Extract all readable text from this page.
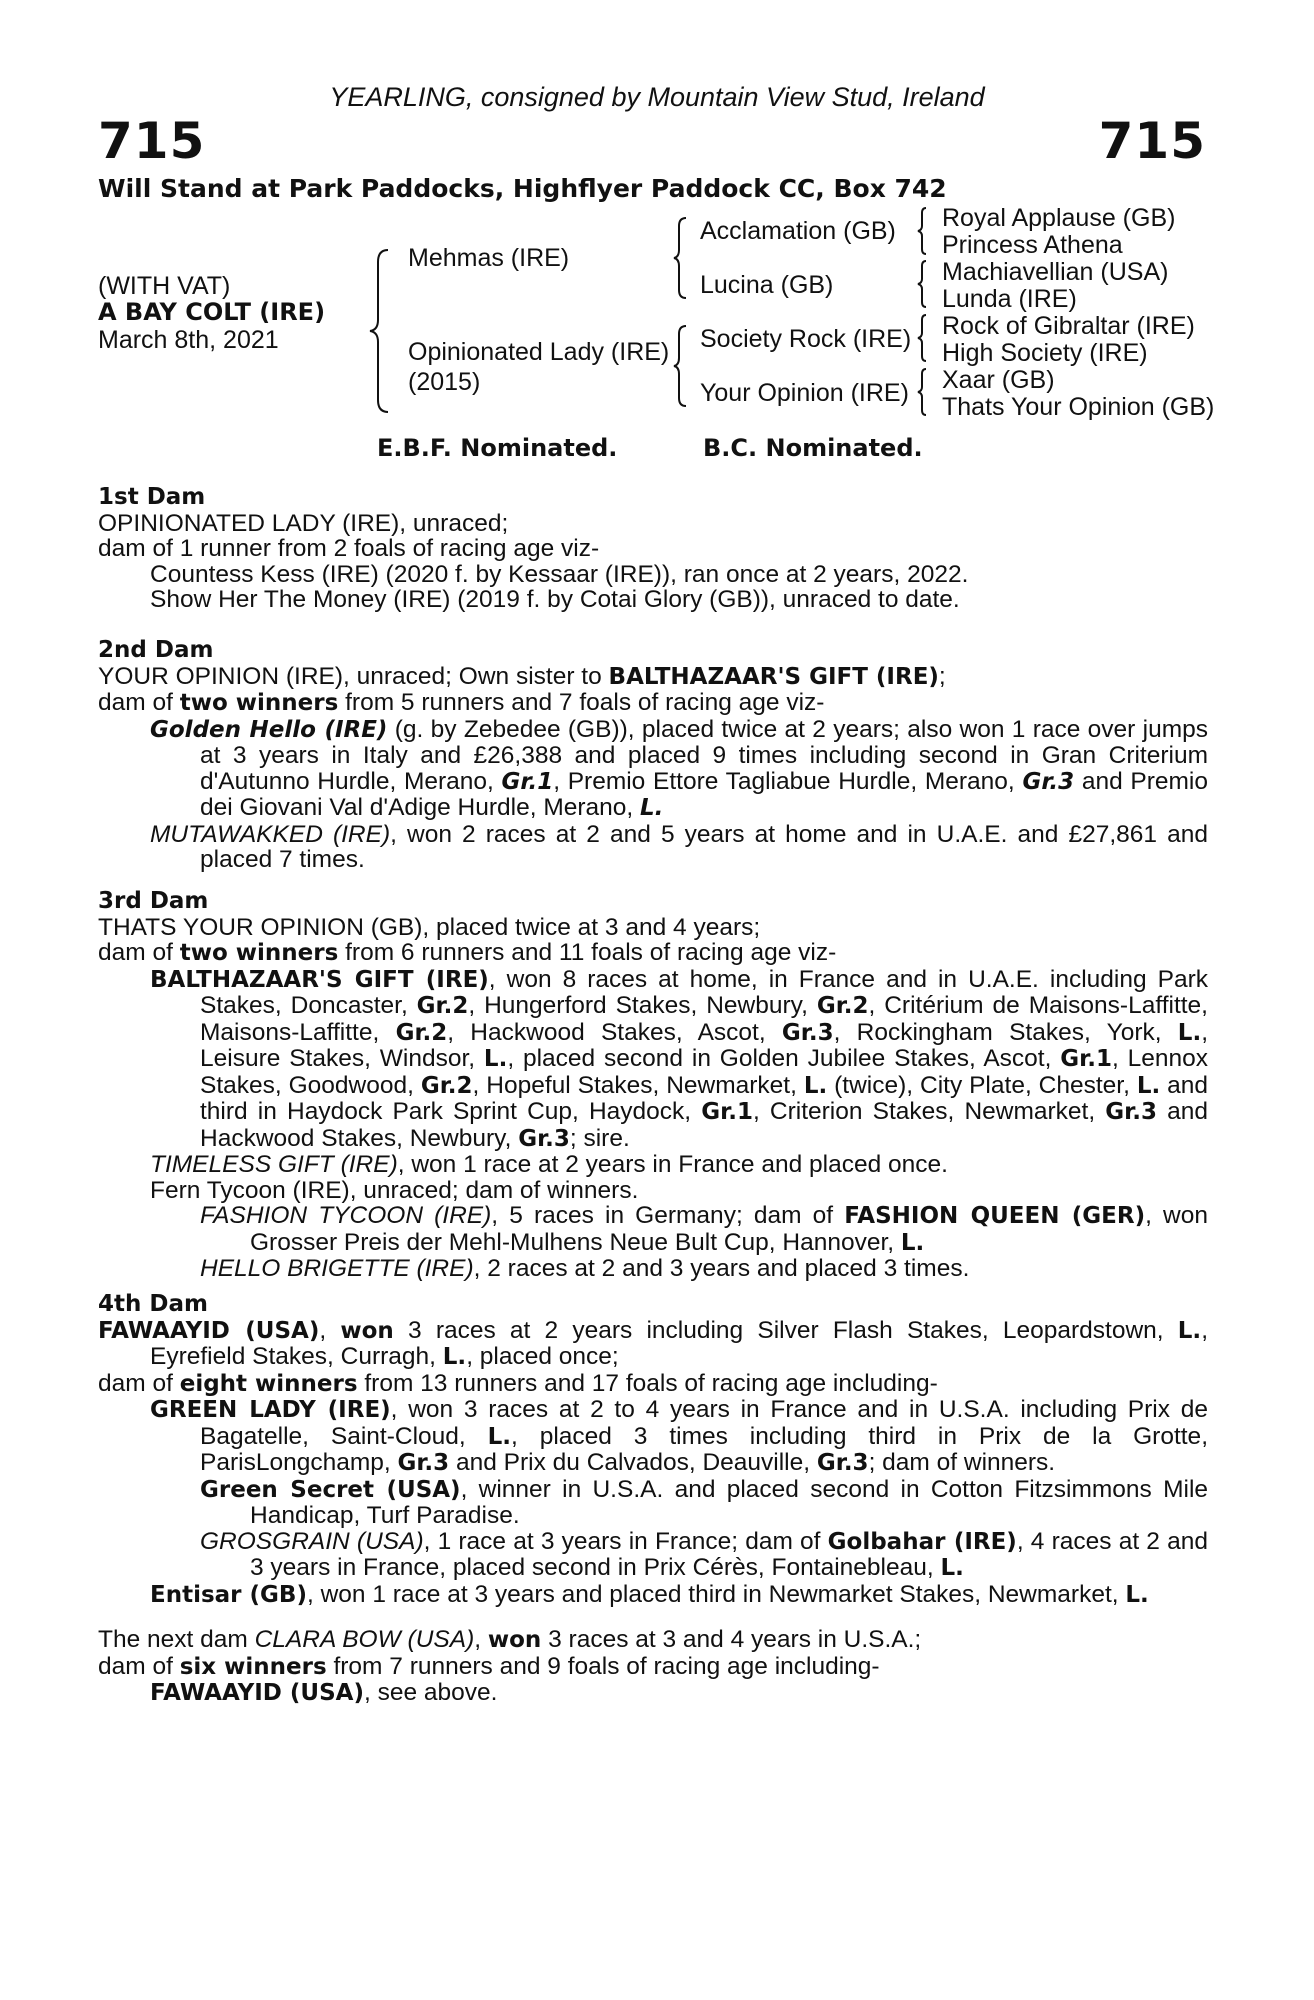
YEARLING, consigned by Mountain View Stud, Ireland
715	715
Will Stand at Park Paddocks, Highflyer Paddock CC, Box 742
(WITH VAT)
A BAY COLT (IRE)
March 8th, 2021
Mehmas (IRE)
Opinionated Lady (IRE)
(2015)
Acclamation (GB)
Lucina (GB)
Society Rock (IRE)
Your Opinion (IRE)
Royal Applause (GB)
Princess Athena
Machiavellian (USA)
Lunda (IRE)
Rock of Gibraltar (IRE)
High Society (IRE)
Xaar (GB)
Thats Your Opinion (GB)
E.B.F. Nominated.	B.C. Nominated.
1st Dam
OPINIONATED LADY (IRE), unraced;
dam of 1 runner from 2 foals of racing age viz-
Countess Kess (IRE) (2020 f. by Kessaar (IRE)), ran once at 2 years, 2022.
Show Her The Money (IRE) (2019 f. by Cotai Glory (GB)), unraced to date.
2nd Dam
YOUR OPINION (IRE), unraced; Own sister to BALTHAZAAR'S GIFT (IRE);
dam of two winners from 5 runners and 7 foals of racing age viz-

Golden Hello (IRE) (g. by Zebedee (GB)), placed twice at 2 years; also won 1 race over jumps at 3 years in Italy and £26,388 and placed 9 times including second in Gran Criterium d'Autunno Hurdle, Merano, Gr.1, Premio Ettore Tagliabue Hurdle, Merano, Gr.3 and Premio dei Giovani Val d'Adige Hurdle, Merano, L.

MUTAWAKKED (IRE), won 2 races at 2 and 5 years at home and in U.A.E. and £27,861 and placed 7 times.

3rd Dam
THATS YOUR OPINION (GB), placed twice at 3 and 4 years;
dam of two winners from 6 runners and 11 foals of racing age viz-

BALTHAZAAR'S GIFT (IRE), won 8 races at home, in France and in U.A.E. including Park Stakes, Doncaster, Gr.2, Hungerford Stakes, Newbury, Gr.2, Critérium de Maisons-Laffitte, Maisons-Laffitte, Gr.2, Hackwood Stakes, Ascot, Gr.3, Rockingham Stakes, York, L., Leisure Stakes, Windsor, L., placed second in Golden Jubilee Stakes, Ascot, Gr.1, Lennox Stakes, Goodwood, Gr.2, Hopeful Stakes, Newmarket, L. (twice), City Plate, Chester, L. and third in Haydock Park Sprint Cup, Haydock, Gr.1, Criterion Stakes, Newmarket, Gr.3 and Hackwood Stakes, Newbury, Gr.3; sire.

TIMELESS GIFT (IRE), won 1 race at 2 years in France and placed once.
Fern Tycoon (IRE), unraced; dam of winners.

FASHION TYCOON (IRE), 5 races in Germany; dam of FASHION QUEEN (GER), won Grosser Preis der Mehl-Mulhens Neue Bult Cup, Hannover, L.

HELLO BRIGETTE (IRE), 2 races at 2 and 3 years and placed 3 times.
4th Dam

FAWAAYID (USA), won 3 races at 2 years including Silver Flash Stakes, Leopardstown, L., Eyrefield Stakes, Curragh, L., placed once;

dam of eight winners from 13 runners and 17 foals of racing age including-

GREEN LADY (IRE), won 3 races at 2 to 4 years in France and in U.S.A. including Prix de Bagatelle, Saint-Cloud, L., placed 3 times including third in Prix de la Grotte, ParisLongchamp, Gr.3 and Prix du Calvados, Deauville, Gr.3; dam of winners.

Green Secret (USA), winner in U.S.A. and placed second in Cotton Fitzsimmons Mile Handicap, Turf Paradise.

GROSGRAIN (USA), 1 race at 3 years in France; dam of Golbahar (IRE), 4 races at 2 and 3 years in France, placed second in Prix Cérès, Fontainebleau, L.

Entisar (GB), won 1 race at 3 years and placed third in Newmarket Stakes, Newmarket, L.
The next dam CLARA BOW (USA), won 3 races at 3 and 4 years in U.S.A.;
dam of six winners from 7 runners and 9 foals of racing age including-
FAWAAYID (USA), see above.
